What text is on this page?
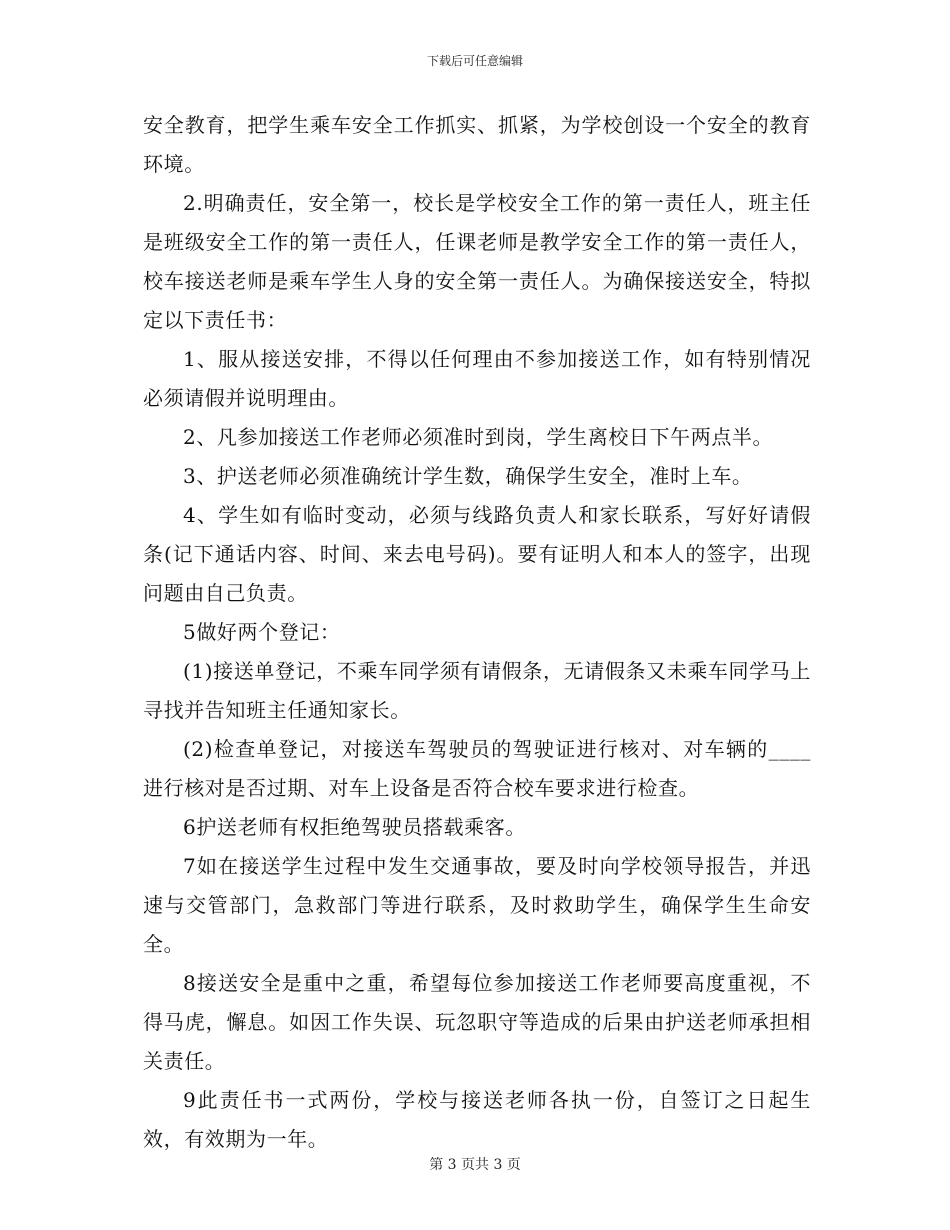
下载后可任意编辑

安全教育，把学生乘车安全工作抓实、抓紧，为学校创设一个安全的教育环境。

2.明确责任，安全第一，校长是学校安全工作的第一责任人，班主任是班级安全工作的第一责任人，任课老师是教学安全工作的第一责任人，校车接送老师是乘车学生人身的安全第一责任人。为确保接送安全，特拟定以下责任书：

1、服从接送安排，不得以任何理由不参加接送工作，如有特别情况必须请假并说明理由。

2、凡参加接送工作老师必须准时到岗，学生离校日下午两点半。

3、护送老师必须准确统计学生数，确保学生安全，准时上车。

4、学生如有临时变动，必须与线路负责人和家长联系，写好好请假条(记下通话内容、时间、来去电号码)。要有证明人和本人的签字，出现问题由自己负责。

5做好两个登记：

(1)接送单登记，不乘车同学须有请假条，无请假条又未乘车同学马上寻找并告知班主任通知家长。

(2)检查单登记，对接送车驾驶员的驾驶证进行核对、对车辆的____进行核对是否过期、对车上设备是否符合校车要求进行检查。

6护送老师有权拒绝驾驶员搭载乘客。

7如在接送学生过程中发生交通事故，要及时向学校领导报告，并迅速与交管部门，急救部门等进行联系，及时救助学生，确保学生生命安全。

8接送安全是重中之重，希望每位参加接送工作老师要高度重视，不得马虎，懈息。如因工作失误、玩忽职守等造成的后果由护送老师承担相关责任。

9此责任书一式两份，学校与接送老师各执一份，自签订之日起生效，有效期为一年。

第 3 页共 3 页
